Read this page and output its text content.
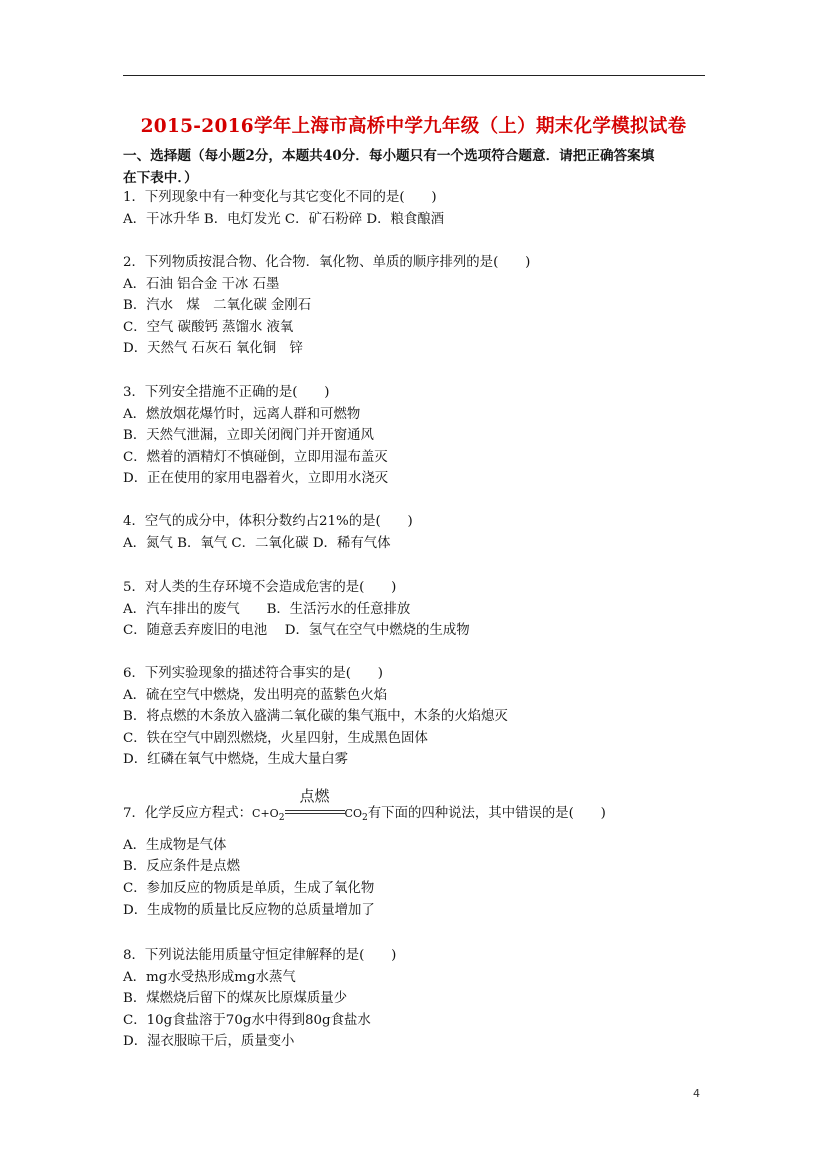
2015-2016学年上海市高桥中学九年级（上）期末化学模拟试卷
一、选择题（每小题2分，本题共40分．每小题只有一个选项符合题意．请把正确答案填
在下表中．）
1．下列现象中有一种变化与其它变化不同的是(　　)
A．干冰升华 B．电灯发光 C．矿石粉碎 D．粮食酿酒
2．下列物质按混合物、化合物．氧化物、单质的顺序排列的是(　　)
A．石油 铝合金 干冰 石墨
B．汽水　煤　二氧化碳 金刚石
C．空气 碳酸钙 蒸馏水 液氧
D．天然气 石灰石 氧化铜　锌
3．下列安全措施不正确的是(　　)
A．燃放烟花爆竹时，远离人群和可燃物
B．天然气泄漏，立即关闭阀门并开窗通风
C．燃着的酒精灯不慎碰倒，立即用湿布盖灭
D．正在使用的家用电器着火，立即用水浇灭
4．空气的成分中，体积分数约占21%的是(　　)
A．氮气 B．氧气 C．二氧化碳 D．稀有气体
5．对人类的生存环境不会造成危害的是(　　)
A．汽车排出的废气　　B．生活污水的任意排放
C．随意丢弃废旧的电池　 D．氢气在空气中燃烧的生成物
6．下列实验现象的描述符合事实的是(　　)
A．硫在空气中燃烧，发出明亮的蓝紫色火焰
B．将点燃的木条放入盛满二氧化碳的集气瓶中，木条的火焰熄灭
C．铁在空气中剧烈燃烧，火星四射，生成黑色固体
D．红磷在氧气中燃烧，生成大量白雾
7．化学反应方程式：$C+O_2$
点燃
$CO_2$有下面的四种说法，其中错误的是(　　)
A．生成物是气体
B．反应条件是点燃
C．参加反应的物质是单质，生成了氧化物
D．生成物的质量比反应物的总质量增加了
8．下列说法能用质量守恒定律解释的是(　　)
A．mg水受热形成mg水蒸气
B．煤燃烧后留下的煤灰比原煤质量少
C．10g食盐溶于70g水中得到80g食盐水
D．湿衣服晾干后，质量变小
4
